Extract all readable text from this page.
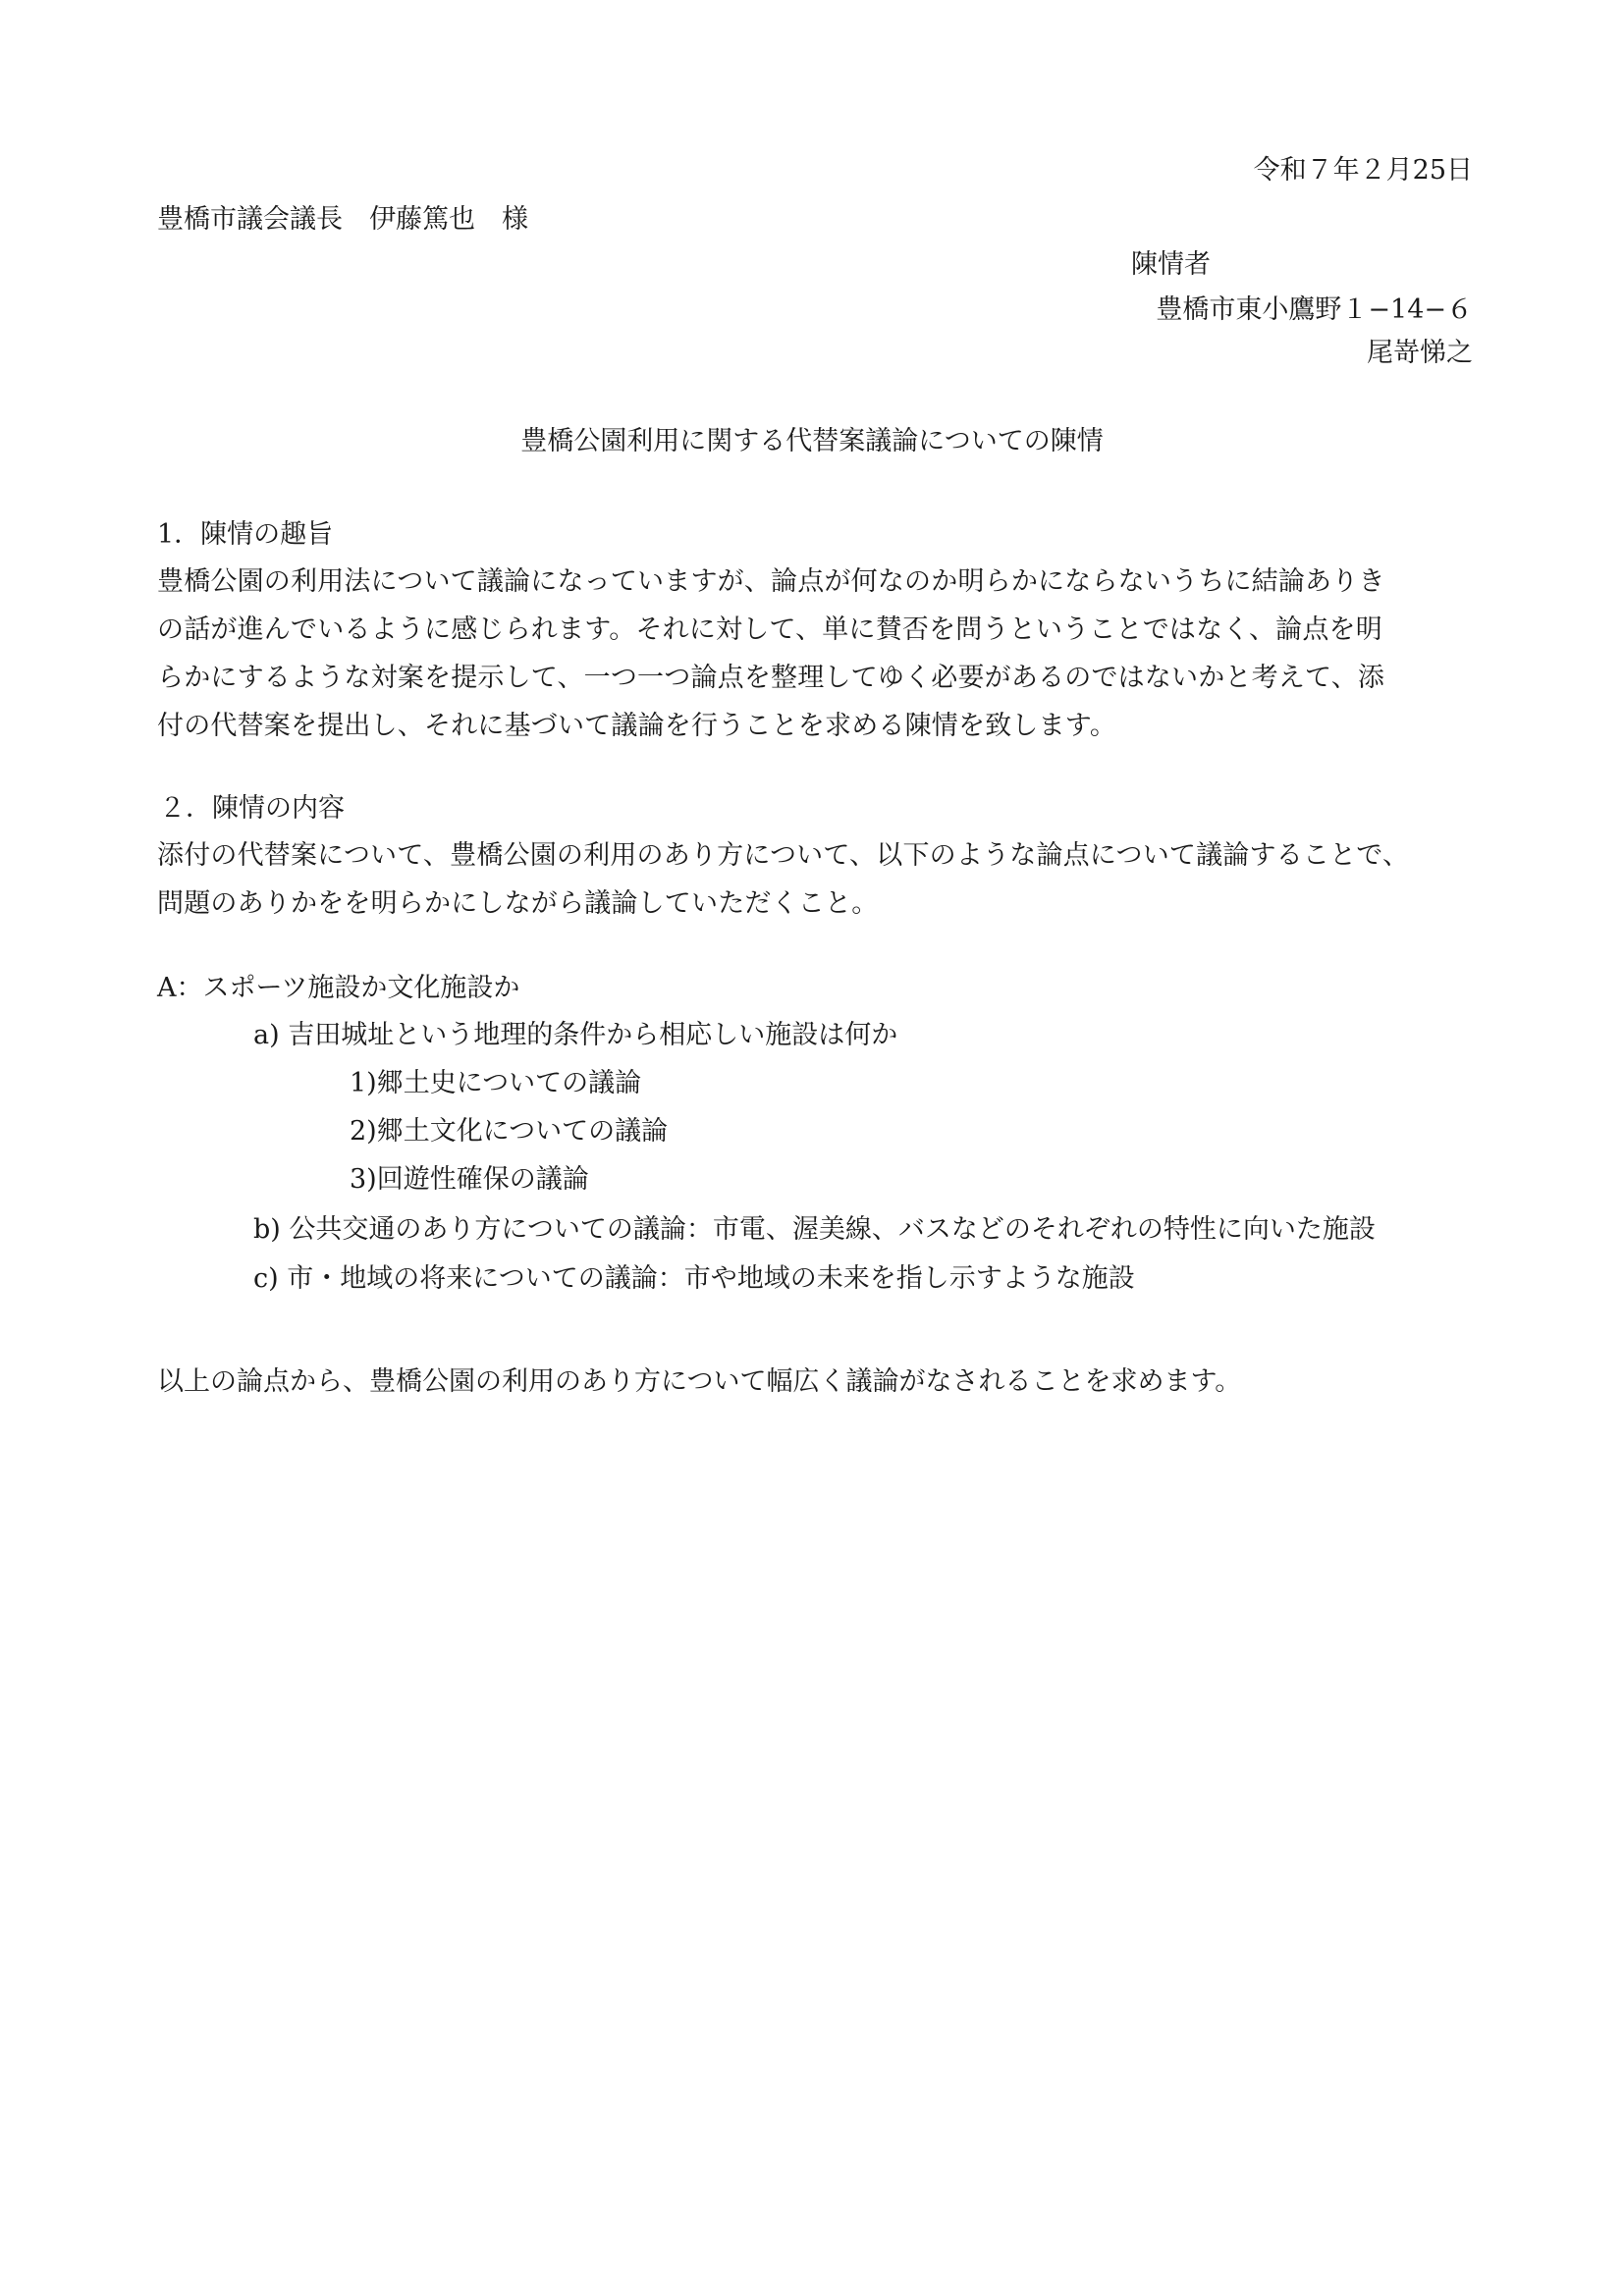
令和７年２月25日
豊橋市議会議長　伊藤篤也　様
陳情者
豊橋市東小鷹野１−14−６
尾嵜悌之
豊橋公園利用に関する代替案議論についての陳情
1．陳情の趣旨
豊橋公園の利用法について議論になっていますが、論点が何なのか明らかにならないうちに結論ありき
の話が進んでいるように感じられます。それに対して、単に賛否を問うということではなく、論点を明
らかにするような対案を提示して、一つ一つ論点を整理してゆく必要があるのではないかと考えて、添
付の代替案を提出し、それに基づいて議論を行うことを求める陳情を致します。
２．陳情の内容
添付の代替案について、豊橋公園の利用のあり方について、以下のような論点について議論することで、
問題のありかをを明らかにしながら議論していただくこと。
A：スポーツ施設か文化施設か
a) 吉田城址という地理的条件から相応しい施設は何か
1)郷土史についての議論
2)郷土文化についての議論
3)回遊性確保の議論
b) 公共交通のあり方についての議論：市電、渥美線、バスなどのそれぞれの特性に向いた施設
c) 市・地域の将来についての議論：市や地域の未来を指し示すような施設
以上の論点から、豊橋公園の利用のあり方について幅広く議論がなされることを求めます。
